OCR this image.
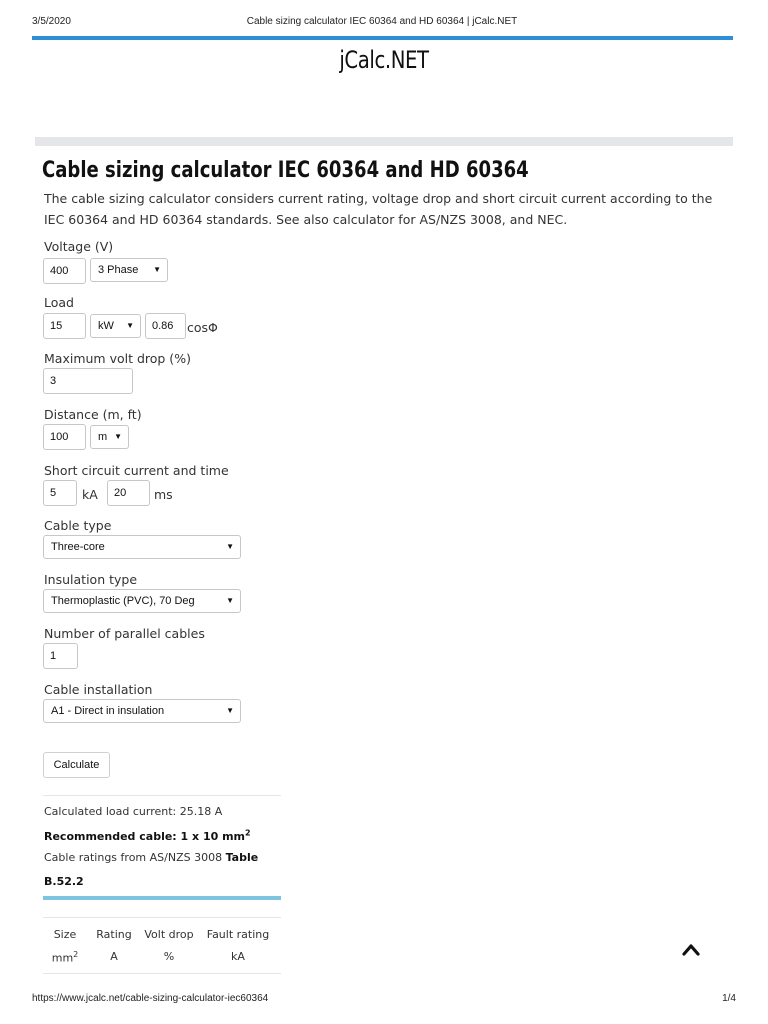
3/5/2020	Cable sizing calculator IEC 60364 and HD 60364 | jCalc.NET
jCalc.NET
Cable sizing calculator IEC 60364 and HD 60364

The cable sizing calculator considers current rating, voltage drop and short circuit current according to the IEC 60364 and HD 60364 standards. See also calculator for AS/NZS 3008, and NEC.

Voltage (V)
400	3 Phase ▼
Load
15	kW ▼	0.86	cosΦ
Maximum volt drop (%)
3
Distance (m, ft)
100	m ▼
Short circuit current and time
5	kA	20	ms
Cable type
Three-core	▼
Insulation type
Thermoplastic (PVC), 70 Deg	▼
Number of parallel cables
1
Cable installation
A1 - Direct in insulation	▼
Calculate
Calculated load current: 25.18 A
Recommended cable: 1 x 10 $mm^2$
Cable ratings from AS/NZS 3008 Table
B.52.2
Size	Rating	Volt drop	Fault rating
$mm^2$	A	%	kA
https://www.jcalc.net/cable-sizing-calculator-iec60364	1/4
